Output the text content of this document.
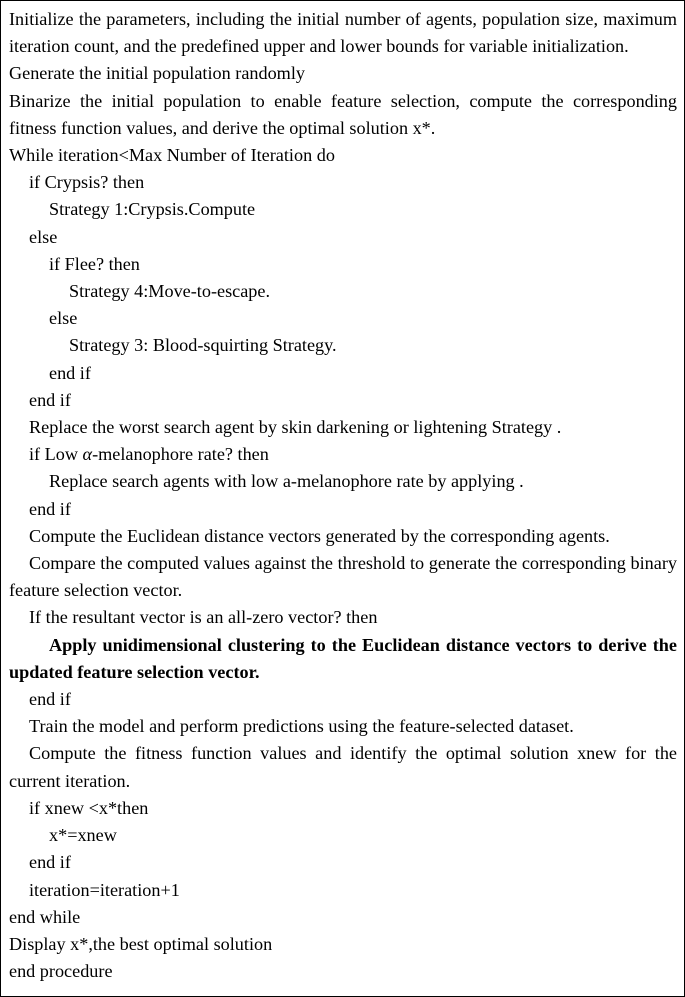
Initialize the parameters, including the initial number of agents, population size, maximum iteration count, and the predefined upper and lower bounds for variable initialization.
Generate the initial population randomly
Binarize the initial population to enable feature selection, compute the corresponding fitness function values, and derive the optimal solution x*.
While iteration<Max Number of Iteration do
if Crypsis? then
Strategy 1:Crypsis.Compute
else
if Flee? then
Strategy 4:Move-to-escape.
else
Strategy 3: Blood-squirting Strategy.
end if
end if
Replace the worst search agent by skin darkening or lightening Strategy .
if Low α-melanophore rate? then
Replace search agents with low a-melanophore rate by applying .
end if
Compute the Euclidean distance vectors generated by the corresponding agents.
Compare the computed values against the threshold to generate the corresponding binary feature selection vector.
If the resultant vector is an all-zero vector? then
Apply unidimensional clustering to the Euclidean distance vectors to derive the updated feature selection vector.
end if
Train the model and perform predictions using the feature-selected dataset.
Compute the fitness function values and identify the optimal solution xnew for the current iteration.
if xnew <x*then
x*=xnew
end if
iteration=iteration+1
end while
Display x*,the best optimal solution
end procedure
